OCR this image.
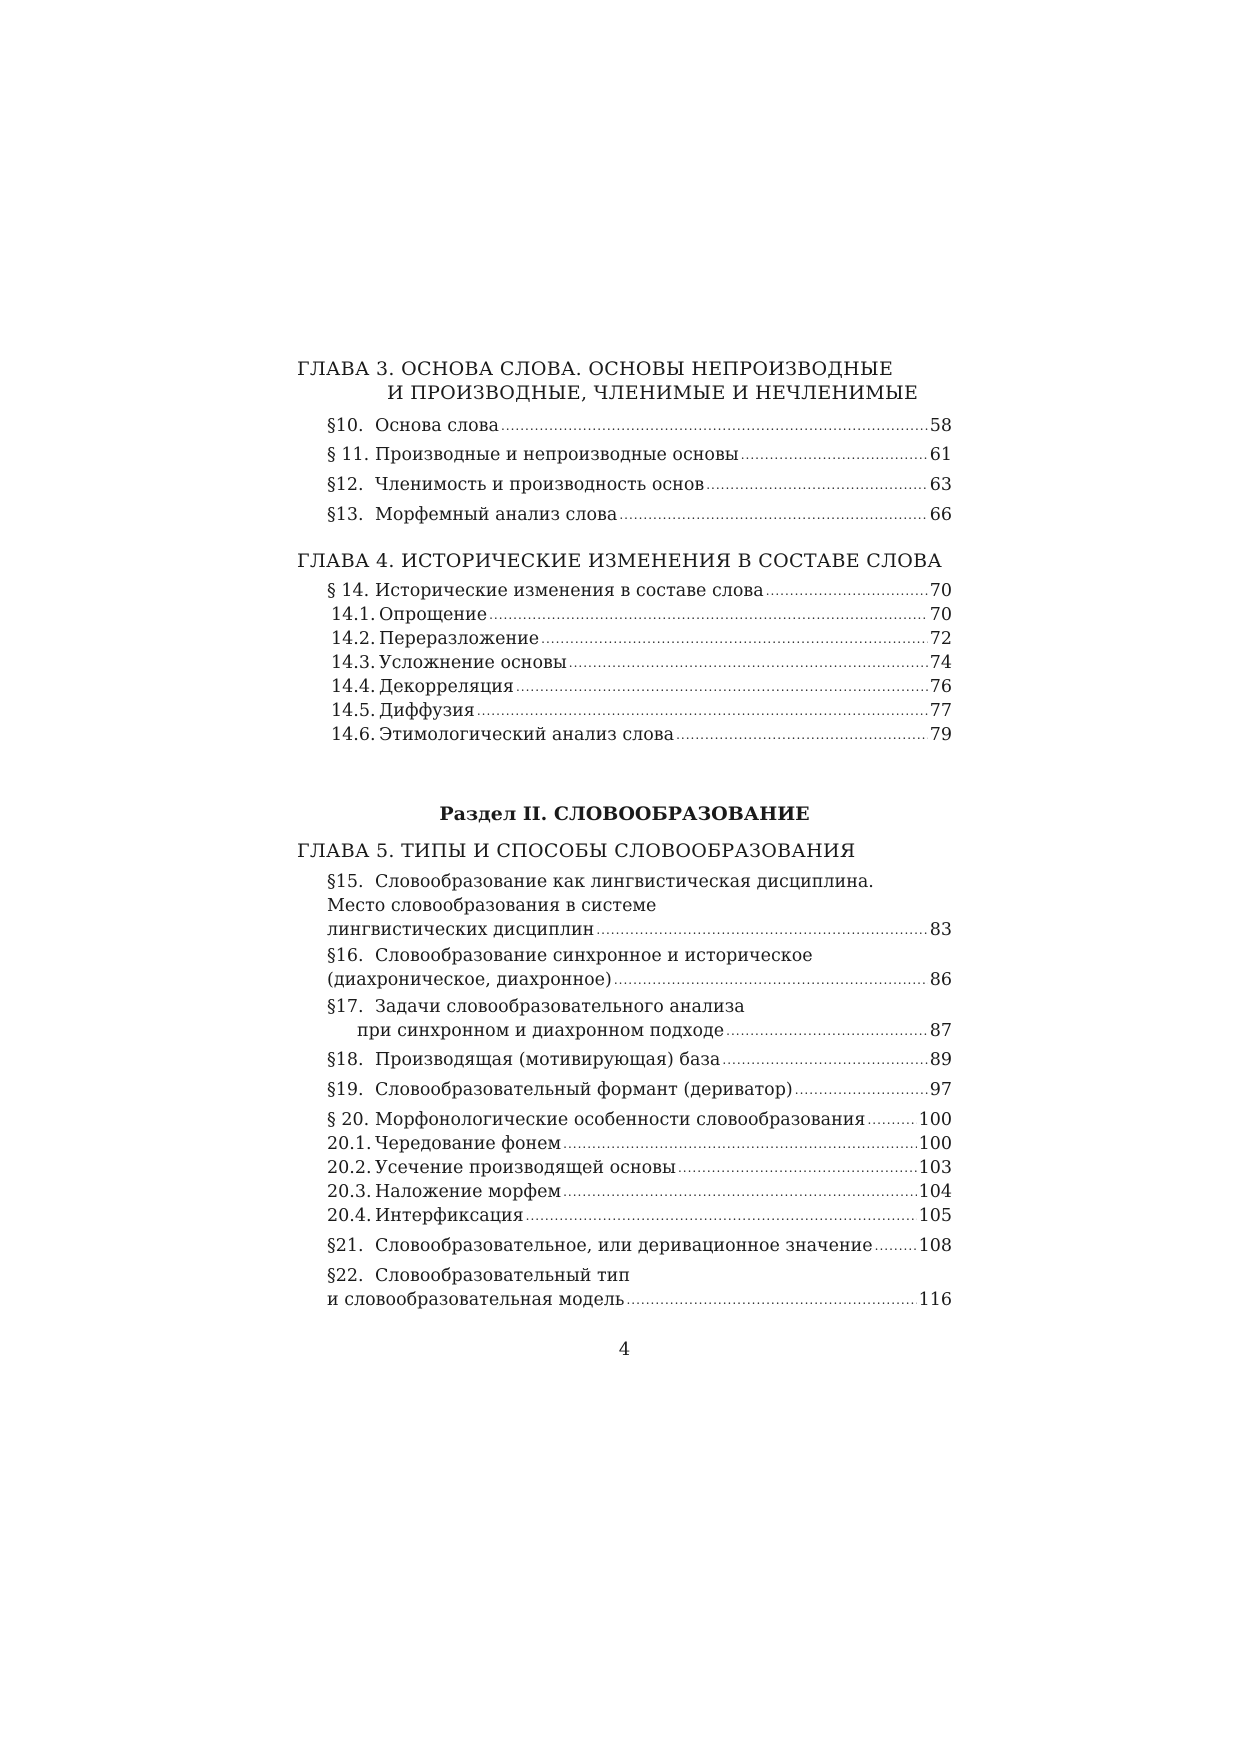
ГЛАВА 3. ОСНОВА СЛОВА. ОСНОВЫ НЕПРОИЗВОДНЫЕ
И ПРОИЗВОДНЫЕ, ЧЛЕНИМЫЕ И НЕЧЛЕНИМЫЕ
§10. Основа слова .....	58
§ 11. Производные и непроизводные основы .....	61
§12. Членимость и производность основ .....	63
§13. Морфемный анализ слова .....	66
ГЛАВА 4. ИСТОРИЧЕСКИЕ ИЗМЕНЕНИЯ В СОСТАВЕ СЛОВА
§ 14. Исторические изменения в составе слова .....	70
14.1. Опрощение .....	70
14.2. Переразложение .....	72
14.3. Усложнение основы .....	74
14.4. Декорреляция .....	76
14.5. Диффузия .....	77
14.6. Этимологический анализ слова .....	79
Раздел II. СЛОВООБРАЗОВАНИЕ
ГЛАВА 5. ТИПЫ И СПОСОБЫ СЛОВООБРАЗОВАНИЯ
§15. Словообразование как лингвистическая дисциплина.
Место словообразования в системе
лингвистических дисциплин .....	83
§16. Словообразование синхронное и историческое
(диахроническое, диахронное) .....	86
§17. Задачи словообразовательного анализа
при синхронном и диахронном подходе .....	87
§18. Производящая (мотивирующая) база .....	89
§19. Словообразовательный формант (дериватор) .....	97
§ 20. Морфонологические особенности словообразования .....	100
20.1. Чередование фонем .....	100
20.2. Усечение производящей основы .....	103
20.3. Наложение морфем .....	104
20.4. Интерфиксация .....	105
§21. Словообразовательное, или деривационное значение .....	108
§22. Словообразовательный тип
и словообразовательная модель .....	116
4
